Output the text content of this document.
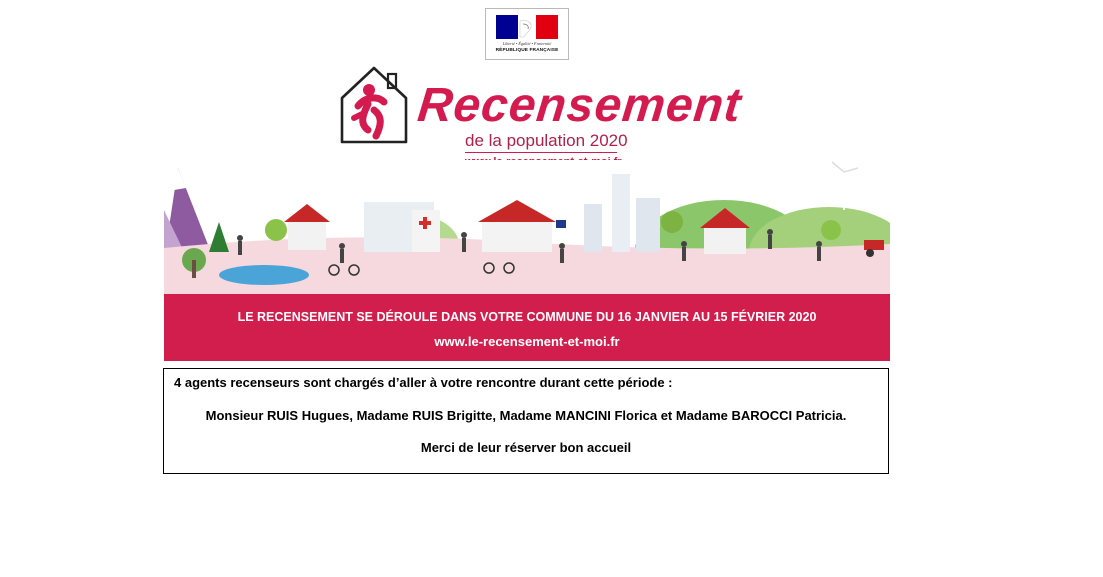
Liberté • Égalité • Fraternité
RÉPUBLIQUE FRANÇAISE
Recensement
de la population 2020
LE RECENSEMENT SE DÉROULE DANS VOTRE COMMUNE DU 16 JANVIER AU 15 FÉVRIER 2020
www.le-recensement-et-moi.fr
4 agents recenseurs sont chargés d’aller à votre rencontre durant cette période :
Monsieur RUIS Hugues, Madame RUIS Brigitte, Madame MANCINI Florica et Madame BAROCCI Patricia.
Merci de leur réserver bon accueil
